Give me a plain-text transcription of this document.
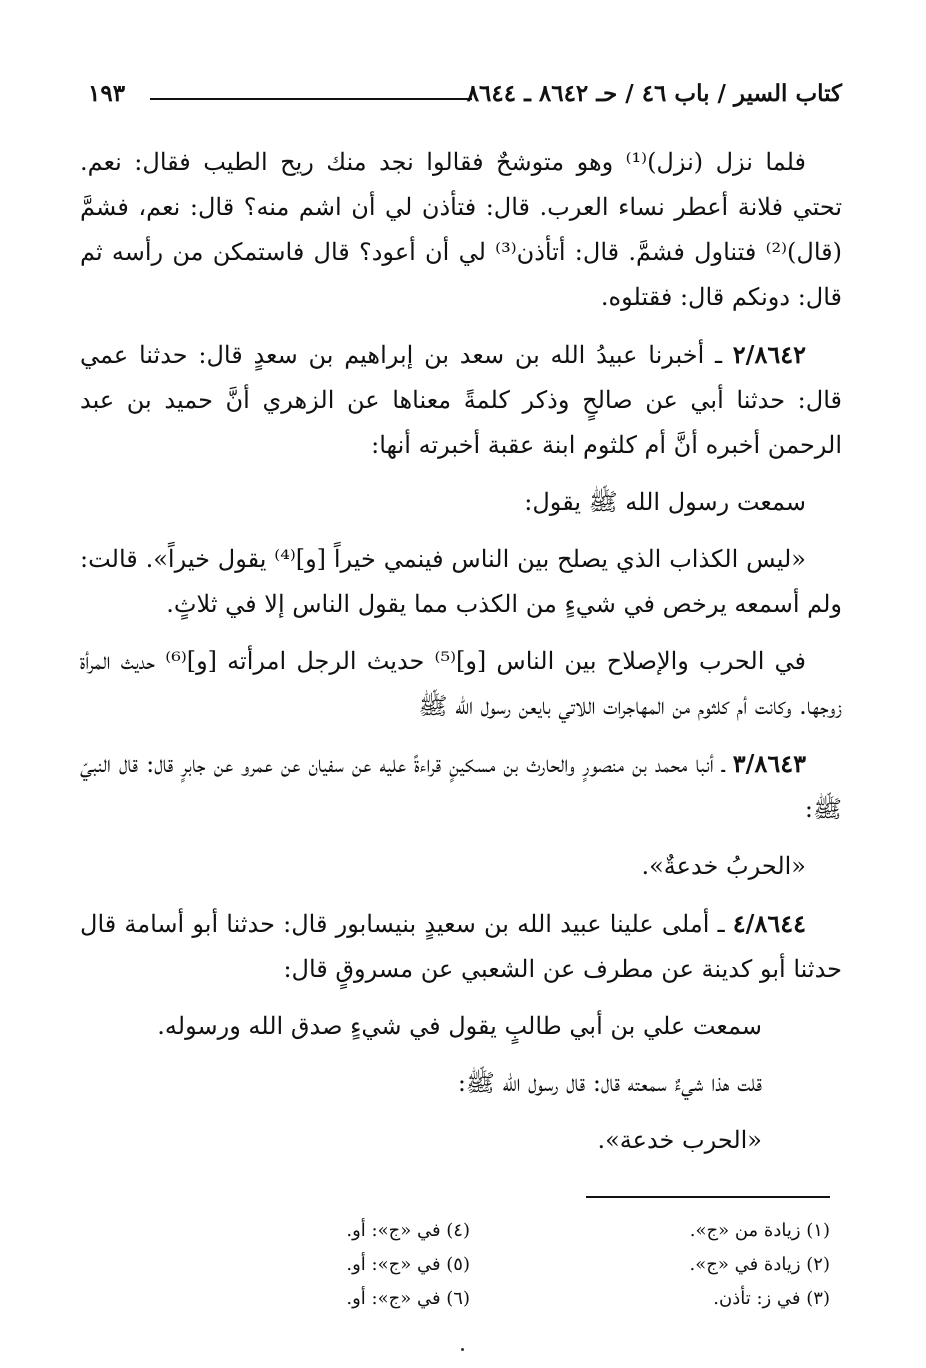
كتاب السير / باب ٤٦ / حـ ٨٦٤٢ ـ ٨٦٤٤
١٩٣

فلما نزل (نزل)⁽¹⁾ وهو متوشحٌ فقالوا نجد منك ريح الطيب فقال: نعم. تحتي فلانة أعطر نساء العرب. قال: فتأذن لي أن اشم منه؟ قال: نعم، فشمَّ (قال)⁽²⁾ فتناول فشمَّ. قال: أتأذن⁽³⁾ لي أن أعود؟ قال فاستمكن من رأسه ثم قال: دونكم قال: فقتلوه.

٢/٨٦٤٢ ـ أخبرنا عبيدُ الله بن سعد بن إبراهيم بن سعدٍ قال: حدثنا عمي قال: حدثنا أبي عن صالحٍ وذكر كلمةً معناها عن الزهري أنَّ حميد بن عبد الرحمن أخبره أنَّ أم كلثوم ابنة عقبة أخبرته أنها:

سمعت رسول الله ﷺ يقول:

«ليس الكذاب الذي يصلح بين الناس فينمي خيراً [و]⁽⁴⁾ يقول خيراً». قالت: ولم أسمعه يرخص في شيءٍ من الكذب مما يقول الناس إلا في ثلاثٍ.

في الحرب والإصلاح بين الناس [و]⁽⁵⁾ حديث الرجل امرأته [و]⁽⁶⁾ حديث المرأة زوجها. وكانت أم كلثوم من المهاجرات اللاتي بايعن رسول الله ﷺ

٣/٨٦٤٣ ـ أنبا محمد بن منصورٍ والحارث بن مسكينٍ قراءةً عليه عن سفيان عن عمرو عن جابرٍ قال: قال النبيّ ﷺ:

«الحربُ خدعةٌ».

٤/٨٦٤٤ ـ أملى علينا عبيد الله بن سعيدٍ بنيسابور قال: حدثنا أبو أسامة قال حدثنا أبو كدينة عن مطرف عن الشعبي عن مسروقٍ قال:

سمعت علي بن أبي طالبٍ يقول في شيءٍ صدق الله ورسوله.

قلت هذا شيءٌ سمعته قال: قال رسول الله ﷺ:

«الحرب خدعة».

(١) زيادة من «ج».
(٢) زيادة في «ج».
(٣) في ز: تأذن.
(٤) في «ج»: أو.
(٥) في «ج»: أو.
(٦) في «ج»: أو.
